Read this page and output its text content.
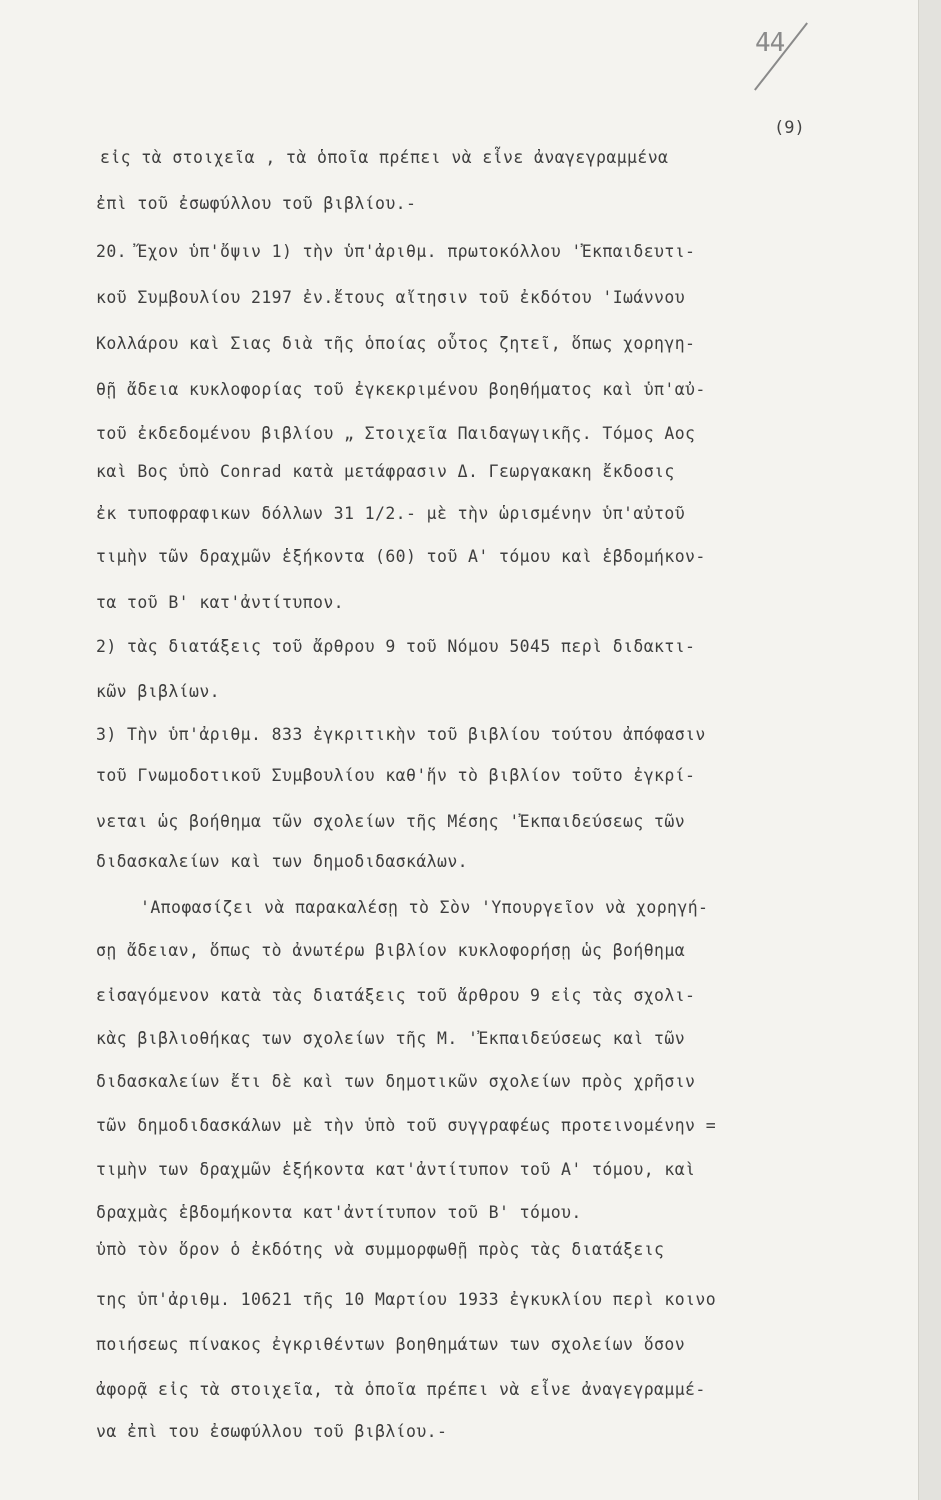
44
(9)
εἰς τὰ στοιχεῖα , τὰ ὁποῖα πρέπει νὰ εἶνε ἀναγεγραμμένα
ἐπὶ τοῦ ἐσωφύλλου τοῦ βιβλίου.-
20. Ἔχον ὑπ'ὄψιν 1) τὴν ὑπ'ἀριθμ. πρωτοκόλλου 'Ἐκπαιδευτι-
κοῦ Συμβουλίου 2197 ἐν.ἔτους αἴτησιν τοῦ ἐκδότου 'Ιωάννου
Κολλάρου καὶ Σιας διὰ τῆς ὁποίας οὗτος ζητεῖ, ὅπως χορηγη-
θῇ ἄδεια κυκλοφορίας τοῦ ἐγκεκριμένου βοηθήματος καὶ ὑπ'αὐ-
τοῦ ἐκδεδομένου βιβλίου „ Στοιχεῖα Παιδαγωγικῆς. Τόμος Αος
καὶ Βος ὑπὸ Conrad κατὰ μετάφρασιν Δ. Γεωργακακη ἔκδοσις
ἐκ τυποφραφικων δόλλων 31 1/2.- μὲ τὴν ὡρισμένην ὑπ'αὐτοῦ
τιμὴν τῶν δραχμῶν ἑξήκοντα (60) τοῦ Α' τόμου καὶ ἑβδομήκον-
τα τοῦ Β' κατ'ἀντίτυπον.
2) τὰς διατάξεις τοῦ ἄρθρου 9 τοῦ Νόμου 5045 περὶ διδακτι-
κῶν βιβλίων.
3) Τὴν ὑπ'ἀριθμ. 833 ἐγκριτικὴν τοῦ βιβλίου τούτου ἀπόφασιν
τοῦ Γνωμοδοτικοῦ Συμβουλίου καθ'ἥν τὸ βιβλίον τοῦτο ἐγκρί-
νεται ὡς βοήθημα τῶν σχολείων τῆς Μέσης 'Ἐκπαιδεύσεως τῶν
διδασκαλείων καὶ των δημοδιδασκάλων.
'Αποφασίζει νὰ παρακαλέσῃ τὸ Σὸν 'Υπουργεῖον νὰ χορηγή-
σῃ ἄδειαν, ὅπως τὸ ἀνωτέρω βιβλίον κυκλοφορήσῃ ὡς βοήθημα
εἰσαγόμενον κατὰ τὰς διατάξεις τοῦ ἄρθρου 9 εἰς τὰς σχολι-
κὰς βιβλιοθήκας των σχολείων τῆς Μ. 'Ἐκπαιδεύσεως καὶ τῶν
διδασκαλείων ἔτι δὲ καὶ των δημοτικῶν σχολείων πρὸς χρῆσιν
τῶν δημοδιδασκάλων μὲ τὴν ὑπὸ τοῦ συγγραφέως προτεινομένην =
τιμὴν των δραχμῶν ἑξήκοντα κατ'ἀντίτυπον τοῦ Α' τόμου, καὶ
δραχμὰς ἑβδομήκοντα κατ'ἀντίτυπον τοῦ Β' τόμου.
ὑπὸ τὸν ὅρον ὁ ἐκδότης νὰ συμμορφωθῇ πρὸς τὰς διατάξεις
της ὑπ'ἀριθμ. 10621 τῆς 10 Μαρτίου 1933 ἐγκυκλίου περὶ κοινο
ποιήσεως πίνακος ἐγκριθέντων βοηθημάτων των σχολείων ὅσον
ἀφορᾷ εἰς τὰ στοιχεῖα, τὰ ὁποῖα πρέπει νὰ εἶνε ἀναγεγραμμέ-
να ἐπὶ του ἐσωφύλλου τοῦ βιβλίου.-
